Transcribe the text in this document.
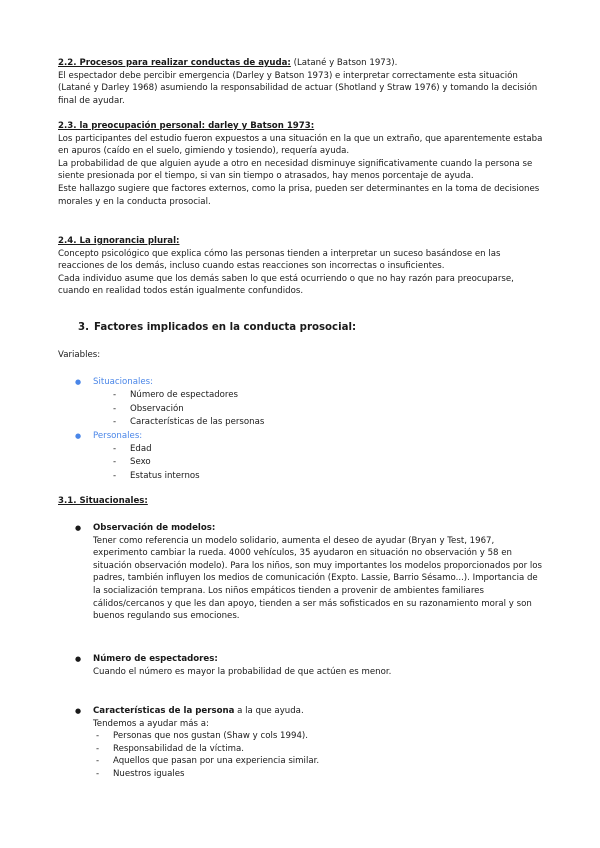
2.2. Procesos para realizar conductas de ayuda: (Latané y Batson 1973).

El espectador debe percibir emergencia (Darley y Batson 1973) e interpretar correctamente esta situación (Latané y Darley 1968) asumiendo la responsabilidad de actuar (Shotland y Straw 1976) y tomando la decisión final de ayudar.

2.3. la preocupación personal: darley y Batson 1973:

Los participantes del estudio fueron expuestos a una situación en la que un extraño, que aparentemente estaba en apuros (caído en el suelo, gimiendo y tosiendo), requería ayuda.

La probabilidad de que alguien ayude a otro en necesidad disminuye significativamente cuando la persona se siente presionada por el tiempo, si van sin tiempo o atrasados, hay menos porcentaje de ayuda.

Este hallazgo sugiere que factores externos, como la prisa, pueden ser determinantes en la toma de decisiones morales y en la conducta prosocial.

2.4. La ignorancia plural:

Concepto psicológico que explica cómo las personas tienden a interpretar un suceso basándose en las reacciones de los demás, incluso cuando estas reacciones son incorrectas o insuficientes.

Cada individuo asume que los demás saben lo que está ocurriendo o que no hay razón para preocuparse, cuando en realidad todos están igualmente confundidos.

3. Factores implicados en la conducta prosocial:
Variables:
● Situacionales:
- Número de espectadores
- Observación
- Características de las personas
● Personales:
- Edad
- Sexo
- Estatus internos

3.1. Situacionales:

● Observación de modelos:

Tener como referencia un modelo solidario, aumenta el deseo de ayudar (Bryan y Test, 1967, experimento cambiar la rueda. 4000 vehículos, 35 ayudaron en situación no observación y 58 en situación observación modelo). Para los niños, son muy importantes los modelos proporcionados por los padres, también influyen los medios de comunicación (Expto. Lassie, Barrio Sésamo...). Importancia de la socialización temprana. Los niños empáticos tienden a provenir de ambientes familiares cálidos/cercanos y que les dan apoyo, tienden a ser más sofisticados en su razonamiento moral y son buenos regulando sus emociones.

● Número de espectadores:

Cuando el número es mayor la probabilidad de que actúen es menor.

● Características de la persona a la que ayuda.

Tendemos a ayudar más a:

- Personas que nos gustan (Shaw y cols 1994).
- Responsabilidad de la víctima.
- Aquellos que pasan por una experiencia similar.
- Nuestros iguales
